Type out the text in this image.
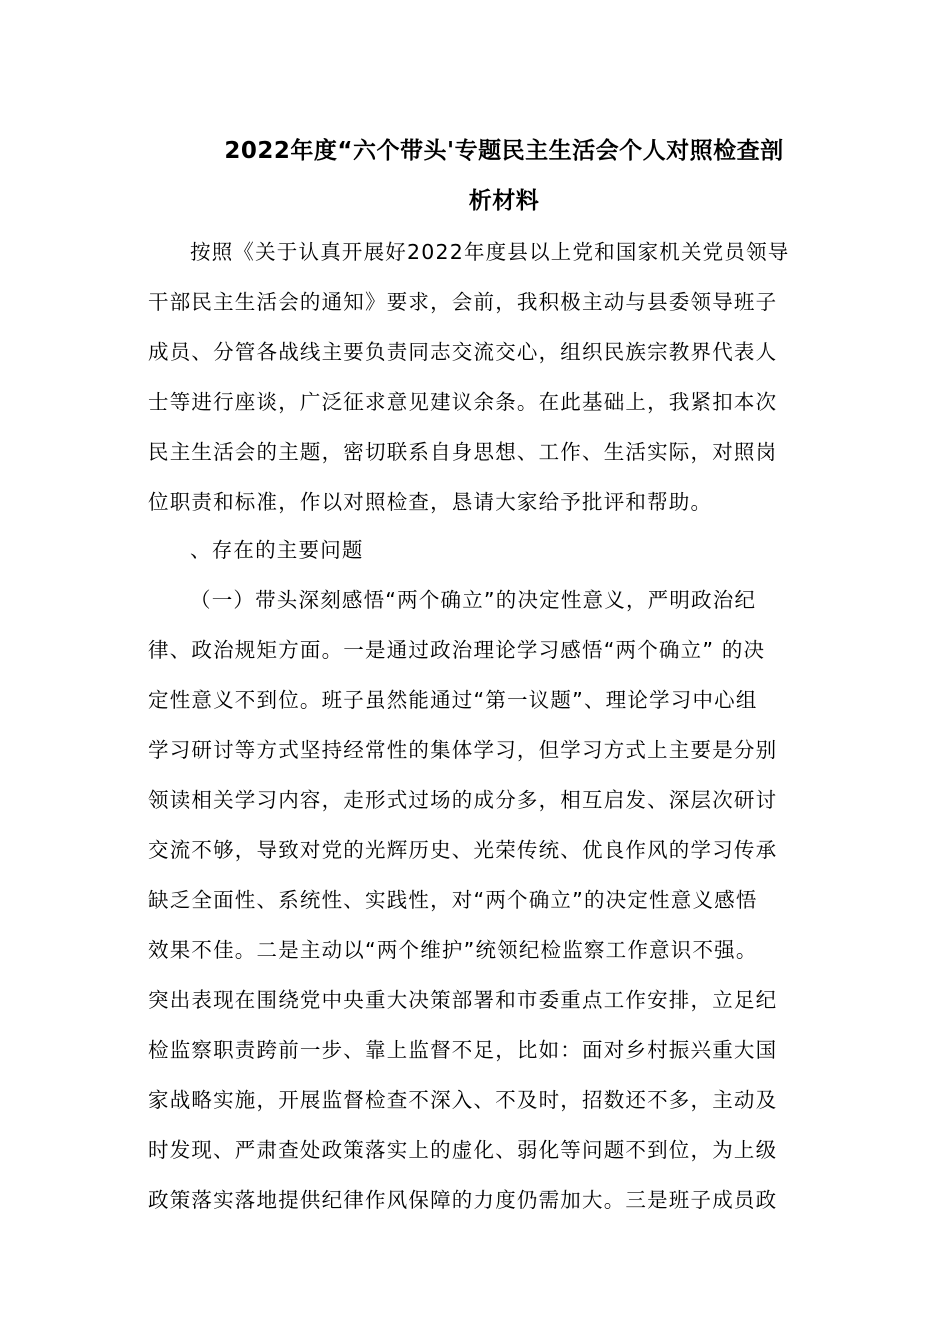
2022年度“六个带头'专题民主生活会个人对照检查剖
析材料
按照《关于认真开展好2022年度县以上党和国家机关党员领导
干部民主生活会的通知》要求，会前，我积极主动与县委领导班子
成员、分管各战线主要负责同志交流交心，组织民族宗教界代表人
士等进行座谈，广泛征求意见建议余条。在此基础上，我紧扣本次
民主生活会的主题，密切联系自身思想、工作、生活实际，对照岗
位职责和标准，作以对照检查，恳请大家给予批评和帮助。
、存在的主要问题
（一）带头深刻感悟“两个确立”的决定性意义，严明政治纪
律、政治规矩方面。一是通过政治理论学习感悟“两个确立” 的决
定性意义不到位。班子虽然能通过“第一议题”、理论学习中心组
学习研讨等方式坚持经常性的集体学习，但学习方式上主要是分别
领读相关学习内容，走形式过场的成分多，相互启发、深层次研讨
交流不够，导致对党的光辉历史、光荣传统、优良作风的学习传承
缺乏全面性、系统性、实践性，对“两个确立”的决定性意义感悟
效果不佳。二是主动以“两个维护”统领纪检监察工作意识不强。
突出表现在围绕党中央重大决策部署和市委重点工作安排，立足纪
检监察职责跨前一步、靠上监督不足，比如：面对乡村振兴重大国
家战略实施，开展监督检查不深入、不及时，招数还不多，主动及
时发现、严肃查处政策落实上的虚化、弱化等问题不到位，为上级
政策落实落地提供纪律作风保障的力度仍需加大。三是班子成员政
